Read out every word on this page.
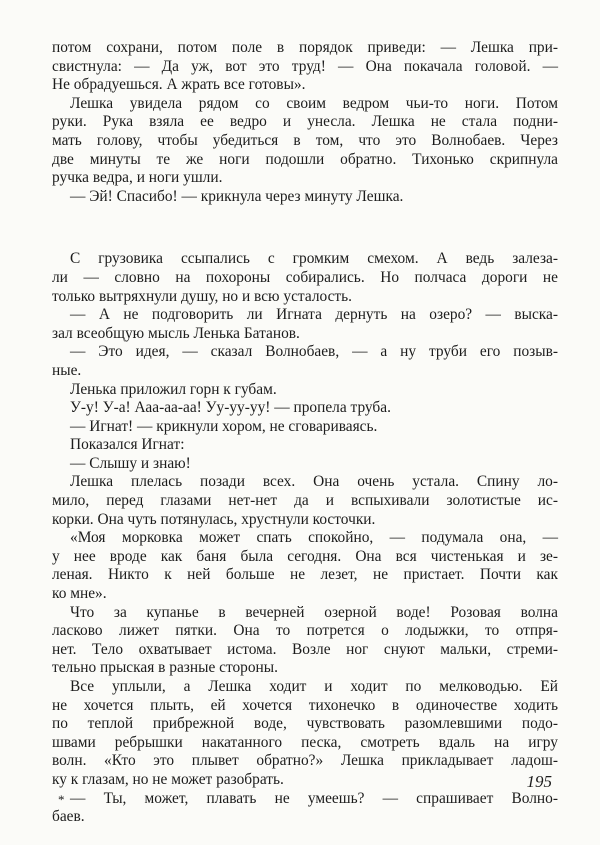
потом сохрани, потом поле в порядок приведи: — Лешка при-
свистнула: — Да уж, вот это труд! — Она покачала головой. —
Не обрадуешься. А жрать все готовы».
Лешка увидела рядом со своим ведром чьи-то ноги. Потом
руки. Рука взяла ее ведро и унесла. Лешка не стала подни-
мать голову, чтобы убедиться в том, что это Волнобаев. Через
две минуты те же ноги подошли обратно. Тихонько скрипнула
ручка ведра, и ноги ушли.
— Эй! Спасибо! — крикнула через минуту Лешка.
С грузовика ссыпались с громким смехом. А ведь залеза-
ли — словно на похороны собирались. Но полчаса дороги не
только вытряхнули душу, но и всю усталость.
— А не подговорить ли Игната дернуть на озеро? — выска-
зал всеобщую мысль Ленька Батанов.
— Это идея, — сказал Волнобаев, — а ну труби его позыв-
ные.
Ленька приложил горн к губам.
У-у! У-а! Ааа-аа-аа! Уу-уу-уу! — пропела труба.
— Игнат! — крикнули хором, не сговариваясь.
Показался Игнат:
— Слышу и знаю!
Лешка плелась позади всех. Она очень устала. Спину ло-
мило, перед глазами нет-нет да и вспыхивали золотистые ис-
корки. Она чуть потянулась, хрустнули косточки.
«Моя морковка может спать спокойно, — подумала она, —
у нее вроде как баня была сегодня. Она вся чистенькая и зе-
леная. Никто к ней больше не лезет, не пристает. Почти как
ко мне».
Что за купанье в вечерней озерной воде! Розовая волна
ласково лижет пятки. Она то потрется о лодыжки, то отпря-
нет. Тело охватывает истома. Возле ног снуют мальки, стреми-
тельно прыская в разные стороны.
Все уплыли, а Лешка ходит и ходит по мелководью. Ей
не хочется плыть, ей хочется тихонечко в одиночестве ходить
по теплой прибрежной воде, чувствовать разомлевшими подо-
швами ребрышки накатанного песка, смотреть вдаль на игру
волн. «Кто это плывет обратно?» Лешка прикладывает ладош-
ку к глазам, но не может разобрать.
— Ты, может, плавать не умеешь? — спрашивает Волно-
баев.
*
195
